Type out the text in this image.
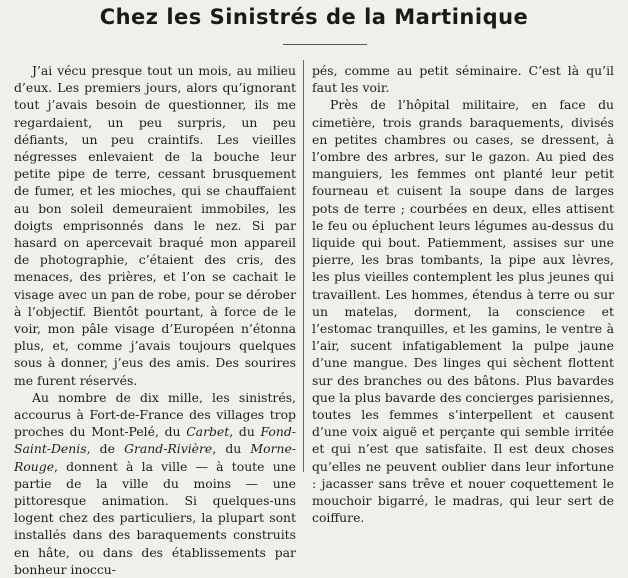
Chez les Sinistrés de la Martinique

J’ai vécu presque tout un mois, au milieu d’eux. Les premiers jours, alors qu’ignorant tout j’avais besoin de questionner, ils me regardaient, un peu surpris, un peu défiants, un peu craintifs. Les vieilles négresses enlevaient de la bouche leur petite pipe de terre, cessant brusquement de fumer, et les mioches, qui se chauffaient au bon soleil demeuraient immobiles, les doigts emprisonnés dans le nez. Si par hasard on apercevait braqué mon appareil de photographie, c’étaient des cris, des menaces, des prières, et l’on se cachait le visage avec un pan de robe, pour se dérober à l’objectif. Bientôt pourtant, à force de le voir, mon pâle visage d’Européen n’étonna plus, et, comme j’avais toujours quelques sous à donner, j’eus des amis. Des sourires me furent réservés.

Au nombre de dix mille, les sinistrés, accourus à Fort-de-France des villages trop proches du Mont-Pelé, du Carbet, du Fond-Saint-Denis, de Grand-Rivière, du Morne-Rouge, donnent à la ville — à toute une partie de la ville du moins — une pittoresque animation. Si quelques-uns logent chez des particuliers, la plupart sont installés dans des baraquements construits en hâte, ou dans des établissements par bonheur inoccu-

pés, comme au petit séminaire. C’est là qu’il faut les voir.

Près de l’hôpital militaire, en face du cimetière, trois grands baraquements, divisés en petites chambres ou cases, se dressent, à l’ombre des arbres, sur le gazon. Au pied des manguiers, les femmes ont planté leur petit fourneau et cuisent la soupe dans de larges pots de terre ; courbées en deux, elles attisent le feu ou épluchent leurs légumes au-dessus du liquide qui bout. Patiemment, assises sur une pierre, les bras tombants, la pipe aux lèvres, les plus vieilles contemplent les plus jeunes qui travaillent. Les hommes, étendus à terre ou sur un matelas, dorment, la conscience et l’estomac tranquilles, et les gamins, le ventre à l’air, sucent infatigablement la pulpe jaune d’une mangue. Des linges qui sèchent flottent sur des branches ou des bâtons. Plus bavardes que la plus bavarde des concierges parisiennes, toutes les femmes s’interpellent et causent d’une voix aiguë et perçante qui semble irritée et qui n’est que satisfaite. Il est deux choses qu’elles ne peuvent oublier dans leur infortune : jacasser sans trêve et nouer coquettement le mouchoir bigarré, le madras, qui leur sert de coiffure.
